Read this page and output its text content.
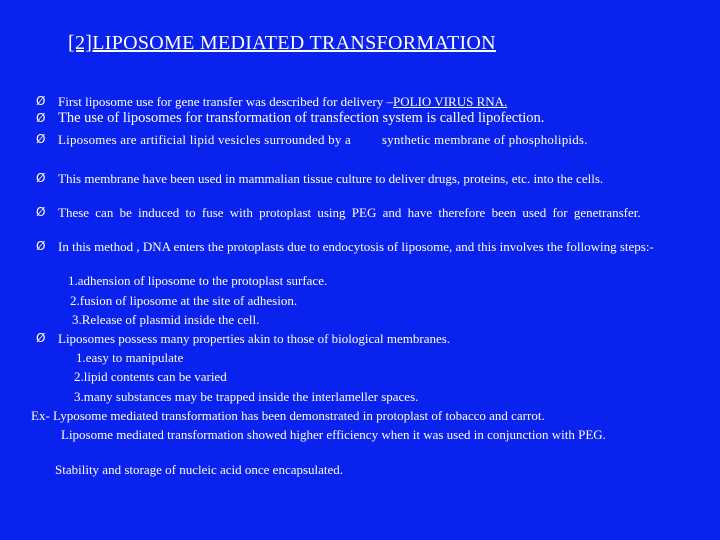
[2]LIPOSOME MEDIATED TRANSFORMATION
Ø First liposome use for gene transfer was described for delivery –POLIO VIRUS RNA.
Ø The use of liposomes for transformation of transfection system is called lipofection.
Ø Liposomes are artificial lipid vesicles surrounded by a synthetic membrane of phospholipids.
Ø This membrane have been used in mammalian tissue culture to deliver drugs, proteins, etc. into the cells.
Ø These can be induced to fuse with protoplast using PEG and have therefore been used for genetransfer.
Ø In this method , DNA enters the protoplasts due to endocytosis of liposome, and this involves the following steps:-
1.adhension of liposome to the protoplast surface.
2.fusion of liposome at the site of adhesion.
3.Release of plasmid inside the cell.
Ø Liposomes possess many properties akin to those of biological membranes.
1.easy to manipulate
2.lipid contents can be varied
3.many substances may be trapped inside the interlameller spaces.
Ex- Lyposome mediated transformation has been demonstrated in protoplast of tobacco and carrot.
Liposome mediated transformation showed higher efficiency when it was used in conjunction with PEG.
Stability and storage of nucleic acid once encapsulated.
